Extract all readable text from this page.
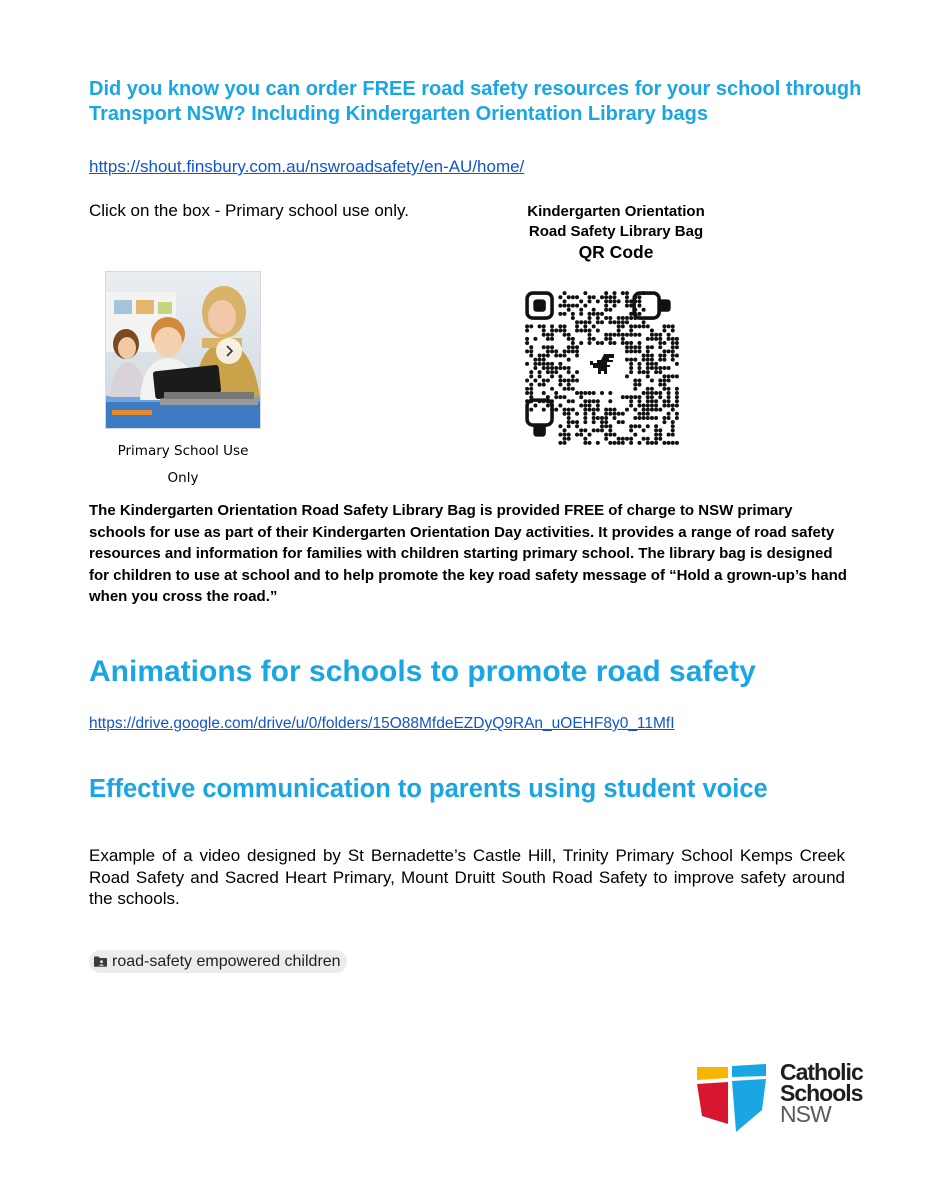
Did you know you can order FREE road safety resources for your school through Transport NSW? Including Kindergarten Orientation Library bags
https://shout.finsbury.com.au/nswroadsafety/en-AU/home/
Click on the box - Primary school use only.	Kindergarten Orientation
Road Safety Library Bag
QR Code
Primary School Use
Only

The Kindergarten Orientation Road Safety Library Bag is provided FREE of charge to NSW primary schools for use as part of their Kindergarten Orientation Day activities. It provides a range of road safety resources and information for families with children starting primary school. The library bag is designed for children to use at school and to help promote the key road safety message of “Hold a grown-up’s hand when you cross the road.”

Animations for schools to promote road safety
https://drive.google.com/drive/u/0/folders/15O88MfdeEZDyQ9RAn_uOEHF8y0_11MfI
Effective communication to parents using student voice

Example of a video designed by St Bernadette’s Castle Hill, Trinity Primary School Kemps Creek Road Safety and Sacred Heart Primary, Mount Druitt South Road Safety to improve safety around the schools.

road-safety empowered children
Catholic
Schools
NSW
